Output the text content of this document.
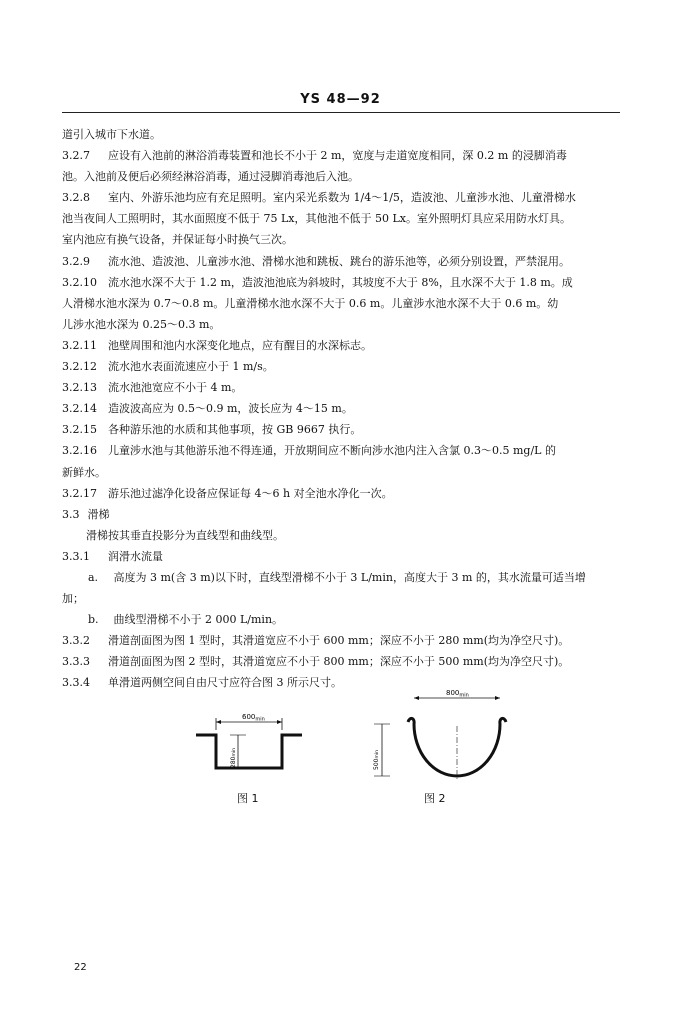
YS 48—92

道引入城市下水道。

3.2.7 应设有入池前的淋浴消毒装置和池长不小于 2 m，宽度与走道宽度相同，深 0.2 m 的浸脚消毒

池。入池前及便后必须经淋浴消毒，通过浸脚消毒池后入池。

3.2.8 室内、外游乐池均应有充足照明。室内采光系数为 1/4～1/5，造波池、儿童涉水池、儿童滑梯水

池当夜间人工照明时，其水面照度不低于 75 Lx，其他池不低于 50 Lx。室外照明灯具应采用防水灯具。

室内池应有换气设备，并保证每小时换气三次。

3.2.9 流水池、造波池、儿童涉水池、滑梯水池和跳板、跳台的游乐池等，必须分别设置，严禁混用。

3.2.10 流水池水深不大于 1.2 m，造波池池底为斜坡时，其坡度不大于 8%，且水深不大于 1.8 m。成

人滑梯水池水深为 0.7～0.8 m。儿童滑梯水池水深不大于 0.6 m。儿童涉水池水深不大于 0.6 m。幼

儿涉水池水深为 0.25～0.3 m。

3.2.11 池壁周围和池内水深变化地点，应有醒目的水深标志。

3.2.12 流水池水表面流速应小于 1 m/s。

3.2.13 流水池池宽应不小于 4 m。

3.2.14 造波波高应为 0.5～0.9 m，波长应为 4～15 m。

3.2.15 各种游乐池的水质和其他事项，按 GB 9667 执行。

3.2.16 儿童涉水池与其他游乐池不得连通，开放期间应不断向涉水池内注入含氯 0.3～0.5 mg/L 的

新鲜水。

3.2.17 游乐池过滤净化设备应保证每 4～6 h 对全池水净化一次。

3.3 滑梯

滑梯按其垂直投影分为直线型和曲线型。

3.3.1 润滑水流量

a. 高度为 3 m(含 3 m)以下时，直线型滑梯不小于 3 L/min，高度大于 3 m 的，其水流量可适当增

加；

b. 曲线型滑梯不小于 2 000 L/min。

3.3.2 滑道剖面图为图 1 型时，其滑道宽应不小于 600 mm；深应不小于 280 mm(均为净空尺寸)。

3.3.3 滑道剖面图为图 2 型时，其滑道宽应不小于 800 mm；深应不小于 500 mm(均为净空尺寸)。

3.3.4 单滑道两侧空间自由尺寸应符合图 3 所示尺寸。

$600_{min}$
280min
图 1
$800_{min}$
500min
图 2
22
